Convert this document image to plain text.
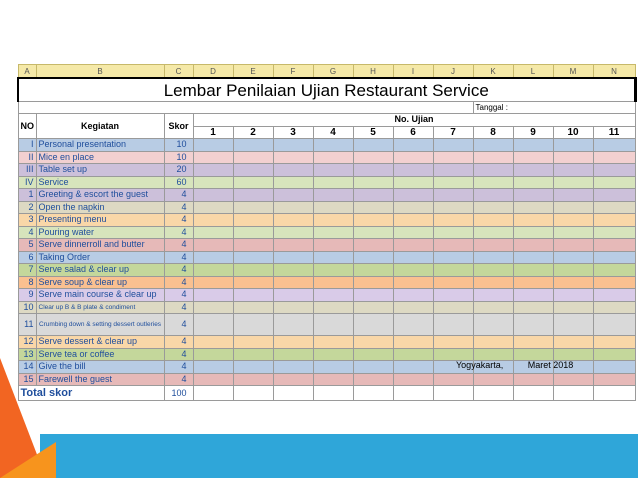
A	B	C	D	E	F	G	H	I	J	K	L	M	N
Lembar Penilaian Ujian Restaurant Service													
										Tanggal :			
NO	Kegiatan	Skor	No. Ujian										
			1	2	3	4	5	6	7	8	9	10	11
I	Personal presentation	10											
II	Mice en place	10											
III	Table set up	20											
IV	Service	60											
1	Greeting & escort the guest	4											
2	Open the napkin	4											
3	Presenting menu	4											
4	Pouring water	4											
5	Serve dinnerroll and butter	4											
6	Taking Order	4											
7	Serve salad & clear up	4											
8	Serve soup & clear up	4											
9	Serve main course & clear up	4											
10	Clear up B & B plate & condiment	4											
11	Crumbing down & setting dessert outleries	4											
12	Serve dessert & clear up	4											
13	Serve tea or coffee	4											
14	Give the bill	4											
15	Farewell the guest	4											
Total skor		100											
Yogyakarta,	Maret 2018
